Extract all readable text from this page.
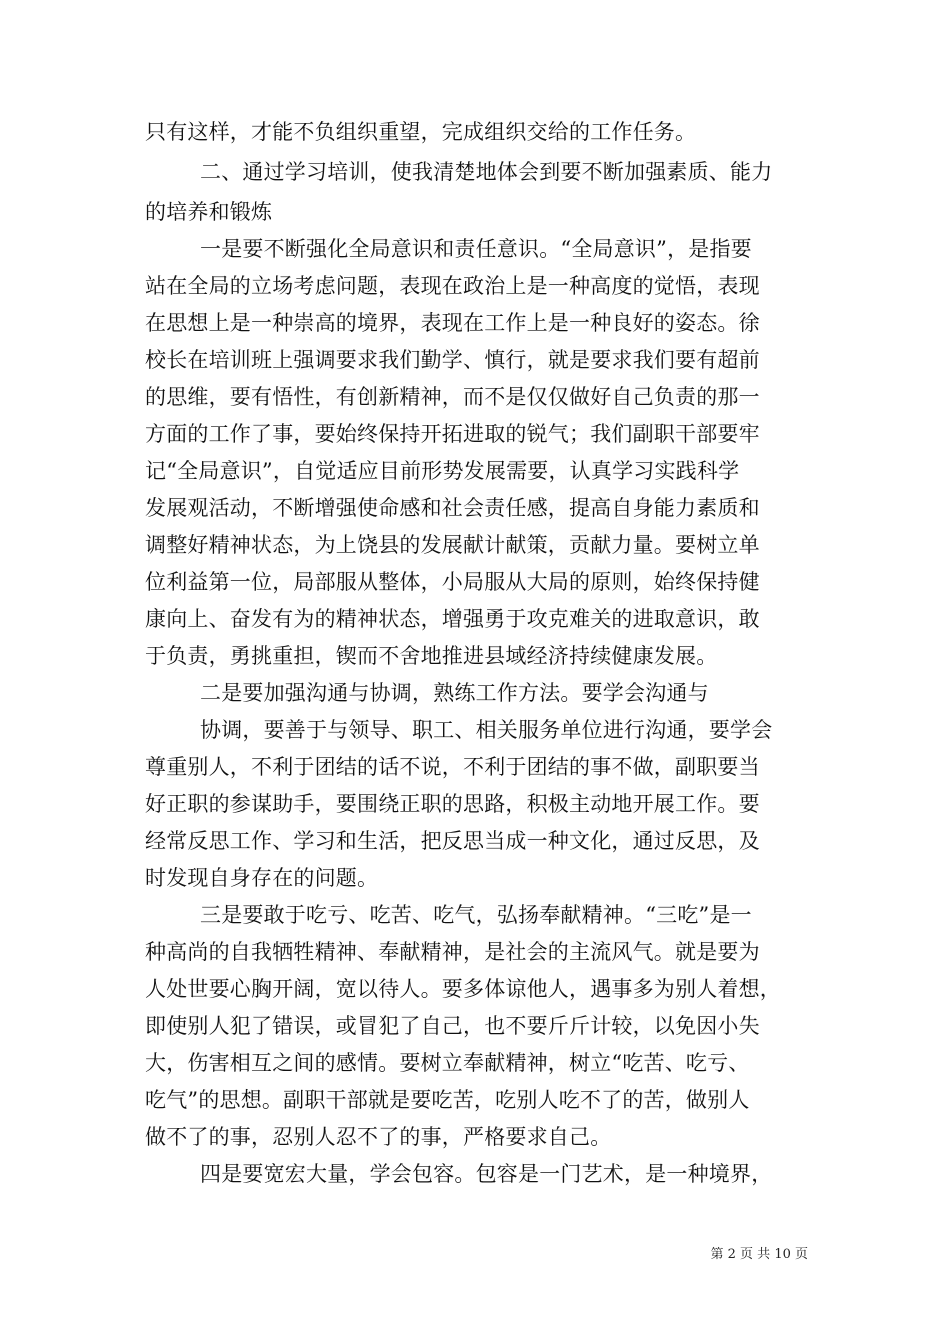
只有这样，才能不负组织重望，完成组织交给的工作任务。
二、通过学习培训，使我清楚地体会到要不断加强素质、能力
的培养和锻炼
一是要不断强化全局意识和责任意识。“全局意识”，是指要
站在全局的立场考虑问题，表现在政治上是一种高度的觉悟，表现
在思想上是一种崇高的境界，表现在工作上是一种良好的姿态。徐
校长在培训班上强调要求我们勤学、慎行，就是要求我们要有超前
的思维，要有悟性，有创新精神，而不是仅仅做好自己负责的那一
方面的工作了事，要始终保持开拓进取的锐气；我们副职干部要牢
记“全局意识”，自觉适应目前形势发展需要，认真学习实践科学
发展观活动，不断增强使命感和社会责任感，提高自身能力素质和
调整好精神状态，为上饶县的发展献计献策，贡献力量。要树立单
位利益第一位，局部服从整体，小局服从大局的原则，始终保持健
康向上、奋发有为的精神状态，增强勇于攻克难关的进取意识，敢
于负责，勇挑重担，锲而不舍地推进县域经济持续健康发展。
二是要加强沟通与协调，熟练工作方法。要学会沟通与
协调，要善于与领导、职工、相关服务单位进行沟通，要学会
尊重别人，不利于团结的话不说，不利于团结的事不做，副职要当
好正职的参谋助手，要围绕正职的思路，积极主动地开展工作。要
经常反思工作、学习和生活，把反思当成一种文化，通过反思，及
时发现自身存在的问题。
三是要敢于吃亏、吃苦、吃气，弘扬奉献精神。“三吃”是一
种高尚的自我牺牲精神、奉献精神，是社会的主流风气。就是要为
人处世要心胸开阔，宽以待人。要多体谅他人，遇事多为别人着想，
即使别人犯了错误，或冒犯了自己，也不要斤斤计较，以免因小失
大，伤害相互之间的感情。要树立奉献精神，树立“吃苦、吃亏、
吃气”的思想。副职干部就是要吃苦，吃别人吃不了的苦，做别人
做不了的事，忍别人忍不了的事，严格要求自己。
四是要宽宏大量，学会包容。包容是一门艺术，是一种境界，
第 2 页 共 10 页
